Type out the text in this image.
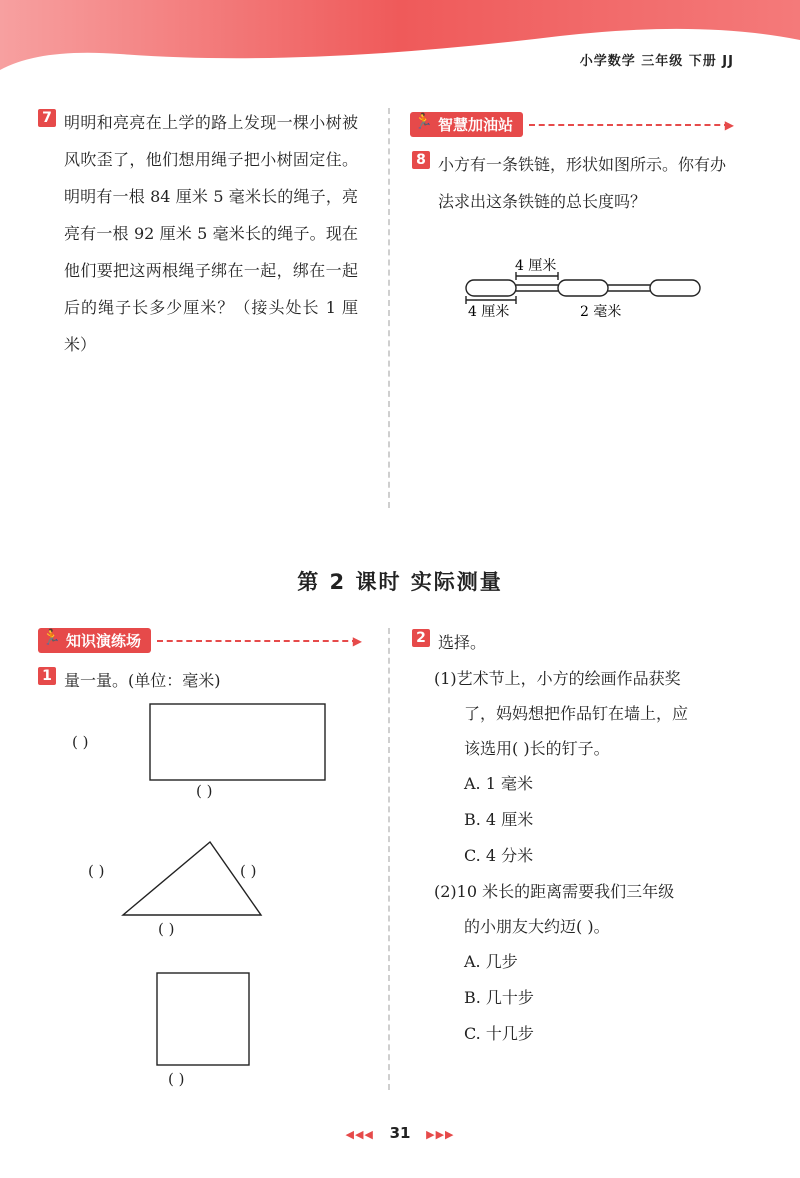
小学数学 三年级 下册 JJ
7 明明和亮亮在上学的路上发现一棵小树被风吹歪了，他们想用绳子把小树固定住。明明有一根 84 厘米 5 毫米长的绳子，亮亮有一根 92 厘米 5 毫米长的绳子。现在他们要把这两根绳子绑在一起，绑在一起后的绳子长多少厘米？（接头处长 1 厘米）
🏃 智慧加油站	▶
8 小方有一条铁链，形状如图所示。你有办法求出这条铁链的总长度吗？
4 厘米
4 厘米	2 毫米
第 2 课时 实际测量
🏃 知识演练场	▶
1 量一量。(单位：毫米)
( )
( )
( )	( )
( )
( )
2 选择。
(1)艺术节上，小方的绘画作品获奖
了，妈妈想把作品钉在墙上，应
该选用( )长的钉子。
A. 1 毫米
B. 4 厘米
C. 4 分米
(2)10 米长的距离需要我们三年级
的小朋友大约迈( )。
A. 几步
B. 几十步
C. 十几步
◀◀◀ 31 ▶▶▶
